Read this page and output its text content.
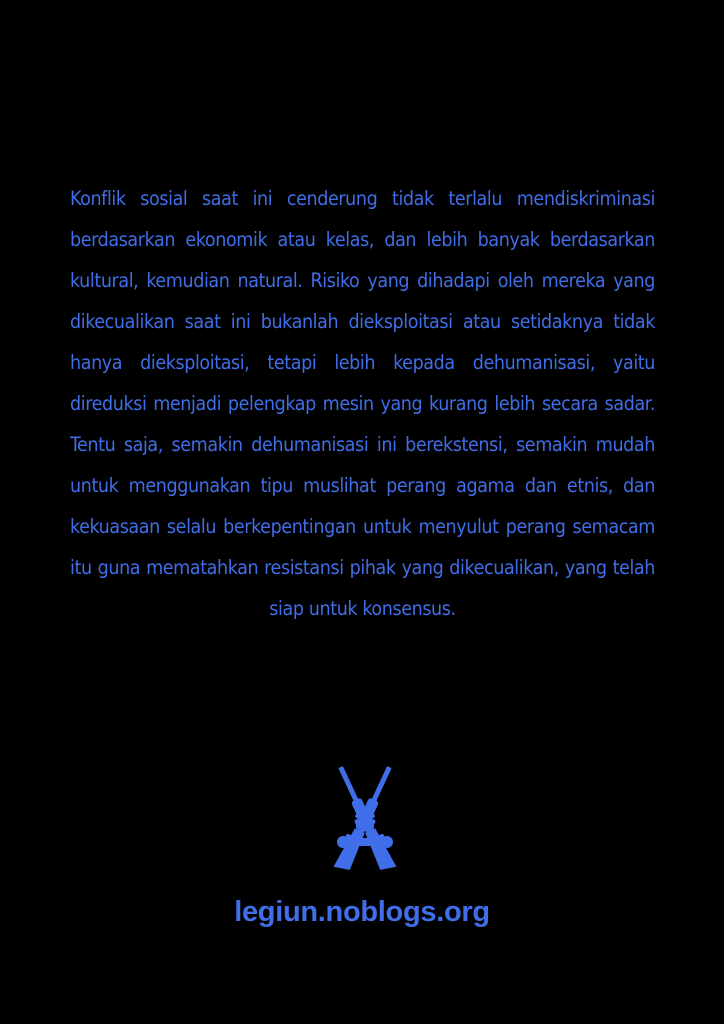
Konflik sosial saat ini cenderung tidak terlalu mendiskriminasi berdasarkan ekonomik atau kelas, dan lebih banyak berdasarkan kultural, kemudian natural. Risiko yang dihadapi oleh mereka yang dikecualikan saat ini bukanlah dieksploitasi atau setidaknya tidak hanya dieksploitasi, tetapi lebih kepada dehumanisasi, yaitu direduksi menjadi pelengkap mesin yang kurang lebih secara sadar. Tentu saja, semakin dehumanisasi ini berekstensi, semakin mudah untuk menggunakan tipu muslihat perang agama dan etnis, dan kekuasaan selalu berkepentingan untuk menyulut perang semacam itu guna mematahkan resistansi pihak yang dikecualikan, yang telah siap untuk konsensus.

legiun.noblogs.org
